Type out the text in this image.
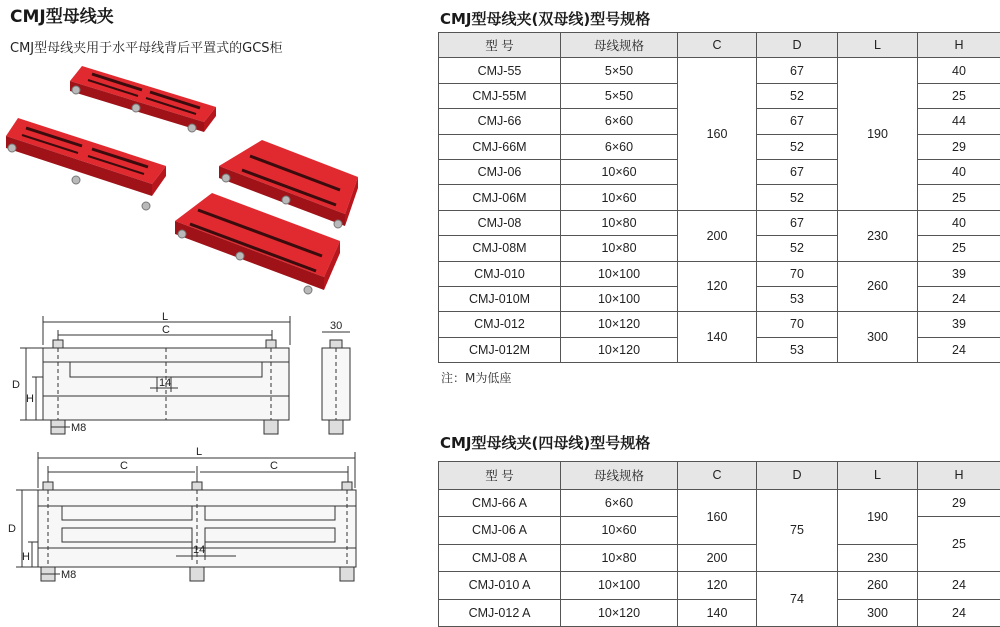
CMJ型母线夹
CMJ型母线夹用于水平母线背后平置式的GCS柜
CMJ型母线夹(双母线)型号规格
注：M为低座
CMJ型母线夹(四母线)型号规格
L
C
D
H
14
M8
30
L
C	C
D
H
14
M8
型 号	母线规格	C	D	L	H
CMJ-55	5×50	160	67	190	40
CMJ-55M	5×50		52		25
CMJ-66	6×60		67		44
CMJ-66M	6×60		52		29
CMJ-06	10×60		67		40
CMJ-06M	10×60		52		25
CMJ-08	10×80	200	67	230	40
CMJ-08M	10×80		52		25
CMJ-010	10×100	120	70	260	39
CMJ-010M	10×100		53		24
CMJ-012	10×120	140	70	300	39
CMJ-012M	10×120		53		24
型 号	母线规格	C	D	L	H
CMJ-66 A	6×60	160	75	190	29
CMJ-06 A	10×60				25
CMJ-08 A	10×80	200		230	
CMJ-010 A	10×100	120	74	260	24
CMJ-012 A	10×120	140		300	24
